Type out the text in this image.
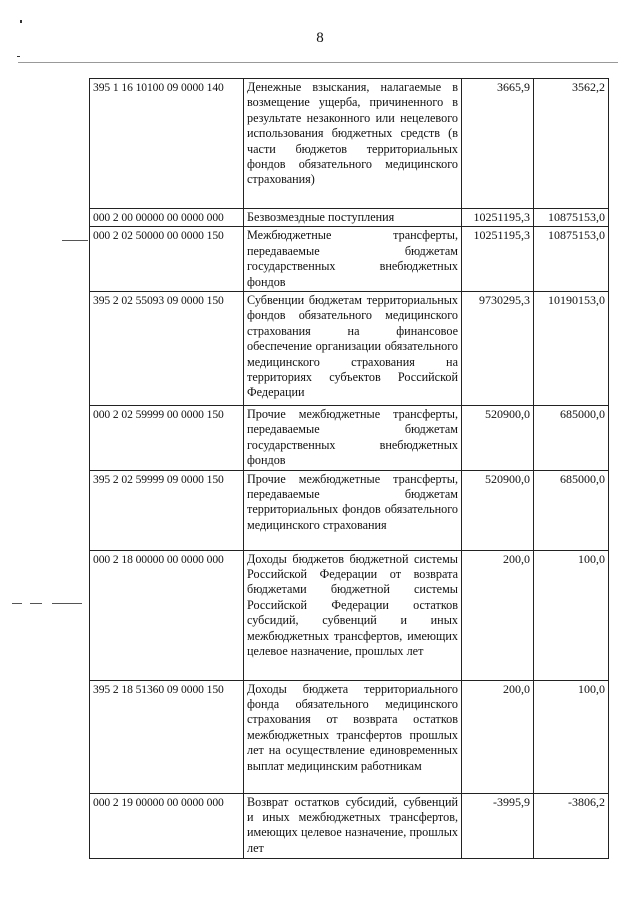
8
395 1 16 10100 09 0000 140	Денежные взыскания, налагаемые в возмещение ущерба, причиненного в результате незаконного или нецелевого использования бюджетных средств (в части бюджетов территориальных фондов обязательного медицинского страхования)	3665,9	3562,2
000 2 00 00000 00 0000 000	Безвозмездные поступления	10251195,3	10875153,0
000 2 02 50000 00 0000 150	Межбюджетные трансферты, передаваемые бюджетам государственных внебюджетных фондов	10251195,3	10875153,0
395 2 02 55093 09 0000 150	Субвенции бюджетам территориальных фондов обязательного медицинского страхования на финансовое обеспечение организации обязательного медицинского страхования на территориях субъектов Российской Федерации	9730295,3	10190153,0
000 2 02 59999 00 0000 150	Прочие межбюджетные трансферты, передаваемые бюджетам государственных внебюджетных фондов	520900,0	685000,0
395 2 02 59999 09 0000 150	Прочие межбюджетные трансферты, передаваемые бюджетам территориальных фондов обязательного медицинского страхования	520900,0	685000,0
000 2 18 00000 00 0000 000	Доходы бюджетов бюджетной системы Российской Федерации от возврата бюджетами бюджетной системы Российской Федерации остатков субсидий, субвенций и иных межбюджетных трансфертов, имеющих целевое назначение, прошлых лет	200,0	100,0
395 2 18 51360 09 0000 150	Доходы бюджета территориального фонда обязательного медицинского страхования от возврата остатков межбюджетных трансфертов прошлых лет на осуществление единовременных выплат медицинским работникам	200,0	100,0
000 2 19 00000 00 0000 000	Возврат остатков субсидий, субвенций и иных межбюджетных трансфертов, имеющих целевое назначение, прошлых лет	-3995,9	-3806,2
